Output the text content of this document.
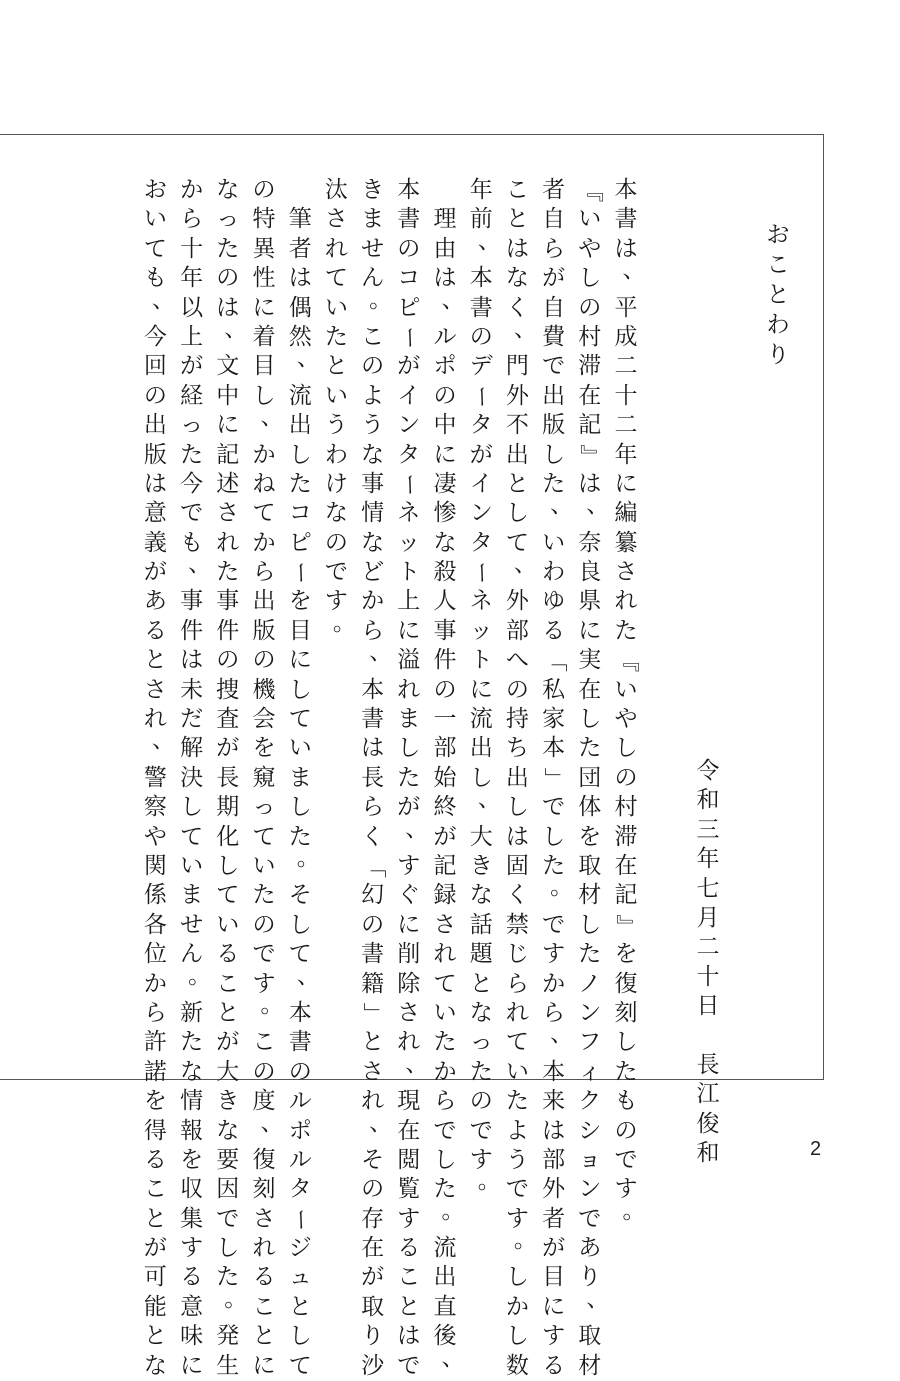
お
こ
と
わ
り
令
和
三
年
七
月
二
十
日

長
江
俊
和
本
書
は
、
平
成
二
十
二
年
に
編
纂
さ
れ
た
『
い
や
し
の
村
滞
在
記
』
を
復
刻
し
た
も
の
で
す
。
『
い
や
し
の
村
滞
在
記
』
は
、
奈
良
県
に
実
在
し
た
団
体
を
取
材
し
た
ノ
ン
フ
ィ
ク
シ
ョ
ン
で
あ
り
、
取
材
者
自
ら
が
自
費
で
出
版
し
た
、
い
わ
ゆ
る
「
私
家
本
」
で
し
た
。
で
す
か
ら
、
本
来
は
部
外
者
が
目
に
す
る
こ
と
は
な
く
、
門
外
不
出
と
し
て
、
外
部
へ
の
持
ち
出
し
は
固
く
禁
じ
ら
れ
て
い
た
よ
う
で
す
。
し
か
し
数
年
前
、
本
書
の
デ
ー
タ
が
イ
ン
タ
ー
ネ
ッ
ト
に
流
出
し
、
大
き
な
話
題
と
な
っ
た
の
で
す
。

理
由
は
、
ル
ポ
の
中
に
凄
惨
な
殺
人
事
件
の
一
部
始
終
が
記
録
さ
れ
て
い
た
か
ら
で
し
た
。
流
出
直
後
、
本
書
の
コ
ピ
ー
が
イ
ン
タ
ー
ネ
ッ
ト
上
に
溢
れ
ま
し
た
が
、
す
ぐ
に
削
除
さ
れ
、
現
在
閲
覧
す
る
こ
と
は
で
き
ま
せ
ん
。
こ
の
よ
う
な
事
情
な
ど
か
ら
、
本
書
は
長
ら
く
「
幻
の
書
籍
」
と
さ
れ
、
そ
の
存
在
が
取
り
沙
汰
さ
れ
て
い
た
と
い
う
わ
け
な
の
で
す
。

筆
者
は
偶
然
、
流
出
し
た
コ
ピ
ー
を
目
に
し
て
い
ま
し
た
。
そ
し
て
、
本
書
の
ル
ポ
ル
タ
ー
ジ
ュ
と
し
て
の
特
異
性
に
着
目
し
、
か
ね
て
か
ら
出
版
の
機
会
を
窺
っ
て
い
た
の
で
す
。
こ
の
度
、
復
刻
さ
れ
る
こ
と
に
な
っ
た
の
は
、
文
中
に
記
述
さ
れ
た
事
件
の
捜
査
が
長
期
化
し
て
い
る
こ
と
が
大
き
な
要
因
で
し
た
。
発
生
か
ら
十
年
以
上
が
経
っ
た
今
で
も
、
事
件
は
未
だ
解
決
し
て
い
ま
せ
ん
。
新
た
な
情
報
を
収
集
す
る
意
味
に
お
い
て
も
、
今
回
の
出
版
は
意
義
が
あ
る
と
さ
れ
、
警
察
や
関
係
各
位
か
ら
許
諾
を
得
る
こ
と
が
可
能
と
な
2
